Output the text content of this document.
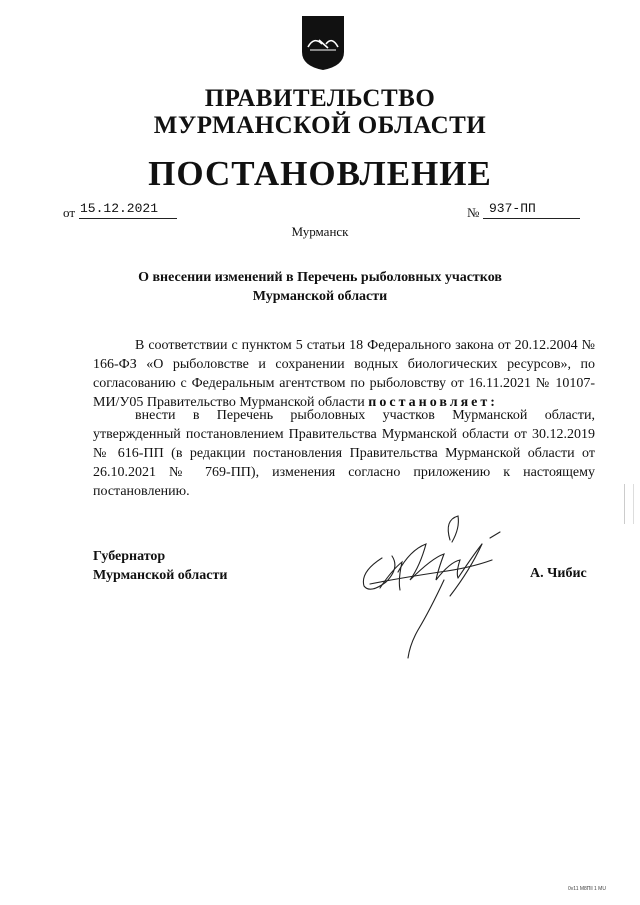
ПРАВИТЕЛЬСТВО
МУРМАНСКОЙ ОБЛАСТИ
ПОСТАНОВЛЕНИЕ
от 15.12.2021	№ 937-ПП
Мурманск
О внесении изменений в Перечень рыболовных участков
Мурманской области
В соответствии с пунктом 5 статьи 18 Федерального закона от 20.12.2004 № 166-ФЗ «О рыболовстве и сохранении водных биологических ресурсов», по согласованию с Федеральным агентством по рыболовству от 16.11.2021 № 10107-МИ/У05 Правительство Мурманской области постановляет:
внести в Перечень рыболовных участков Мурманской области, утвержденный постановлением Правительства Мурманской области от 30.12.2019 № 616-ПП (в редакции постановления Правительства Мурманской области от 26.10.2021 № 769-ПП), изменения согласно приложению к настоящему постановлению.
Губернатор
Мурманской области	А. Чибис
0v11 M8Пll 1 MU
